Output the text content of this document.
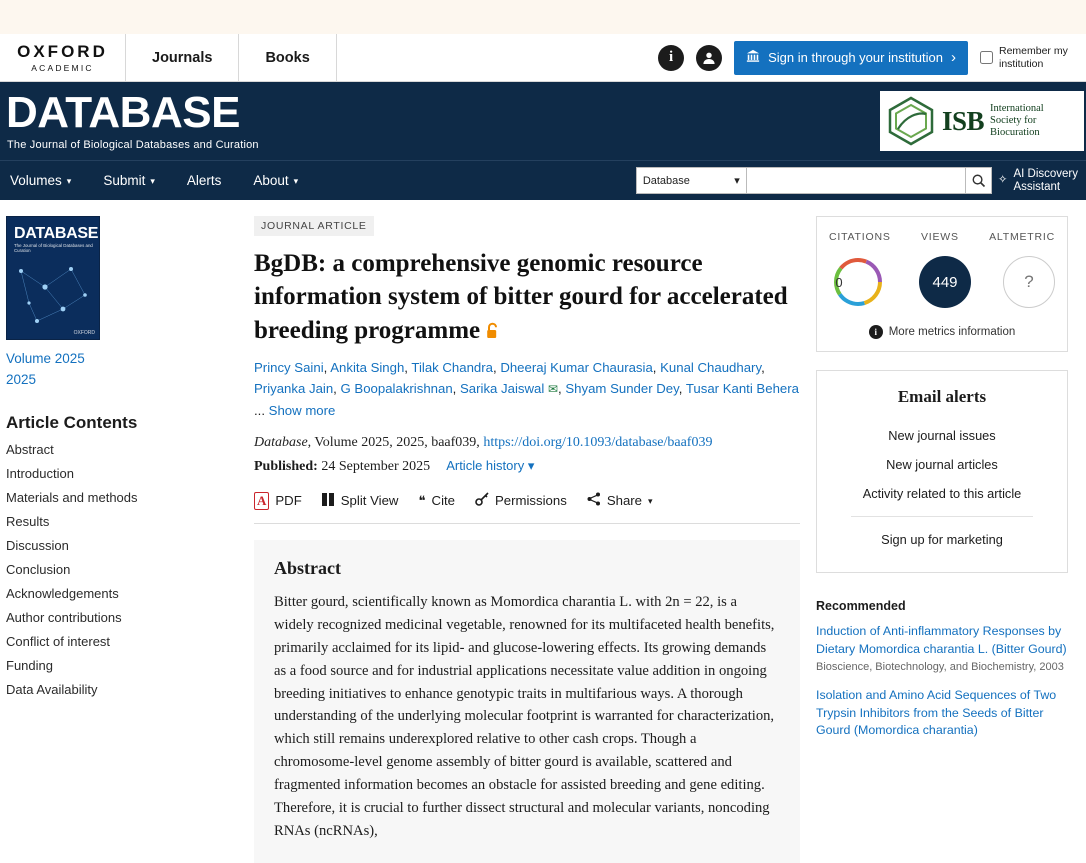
OXFORD
ACADEMIC
Journals	Books	i	Sign in through your institution ›	Remember my institution
DATABASE
The Journal of Biological Databases and Curation
ISB International
Society for
Biocuration
Volumes ▾ Submit ▾ Alerts About ▾	Database	▾	✧
AI Discovery
Assistant
DATABASE
The Journal of Biological Databases and Curation
OXFORD
Volume 2025
2025
Article Contents
Abstract
Introduction
Materials and methods
Results
Discussion
Conclusion
Acknowledgements
Author contributions
Conflict of interest
Funding
Data Availability
JOURNAL ARTICLE
BgDB: a comprehensive genomic resource information system of bitter gourd for accelerated breeding programme
Princy Saini, Ankita Singh, Tilak Chandra, Dheeraj Kumar Chaurasia, Kunal Chaudhary, Priyanka Jain, G Boopalakrishnan, Sarika Jaiswal ✉, Shyam Sunder Dey, Tusar Kanti Behera ... Show more
Database, Volume 2025, 2025, baaf039, https://doi.org/10.1093/database/baaf039
Published: 24 September 2025 Article history ▾
A PDF	Split View ❝ Cite	Permissions	Share ▾
Abstract

Bitter gourd, scientifically known as Momordica charantia L. with 2n = 22, is a widely recognized medicinal vegetable, renowned for its multifaceted health benefits, primarily acclaimed for its lipid- and glucose-lowering effects. Its growing demands as a food source and for industrial applications necessitate value addition in ongoing breeding initiatives to enhance genotypic traits in multifarious ways. A thorough understanding of the underlying molecular footprint is warranted for characterization, which still remains underexplored relative to other cash crops. Though a chromosome-level genome assembly of bitter gourd is available, scattered and fragmented information becomes an obstacle for assisted breeding and gene editing. Therefore, it is crucial to further dissect structural and molecular variants, noncoding RNAs (ncRNAs),

CITATIONS	VIEWS	ALTMETRIC
0	449	?
i	More metrics information
Email alerts
New journal issues
New journal articles
Activity related to this article
Sign up for marketing
Recommended
Induction of Anti-inflammatory Responses by Dietary Momordica charantia L. (Bitter Gourd)
Bioscience, Biotechnology, and Biochemistry, 2003
Isolation and Amino Acid Sequences of Two Trypsin Inhibitors from the Seeds of Bitter Gourd (Momordica charantia)
